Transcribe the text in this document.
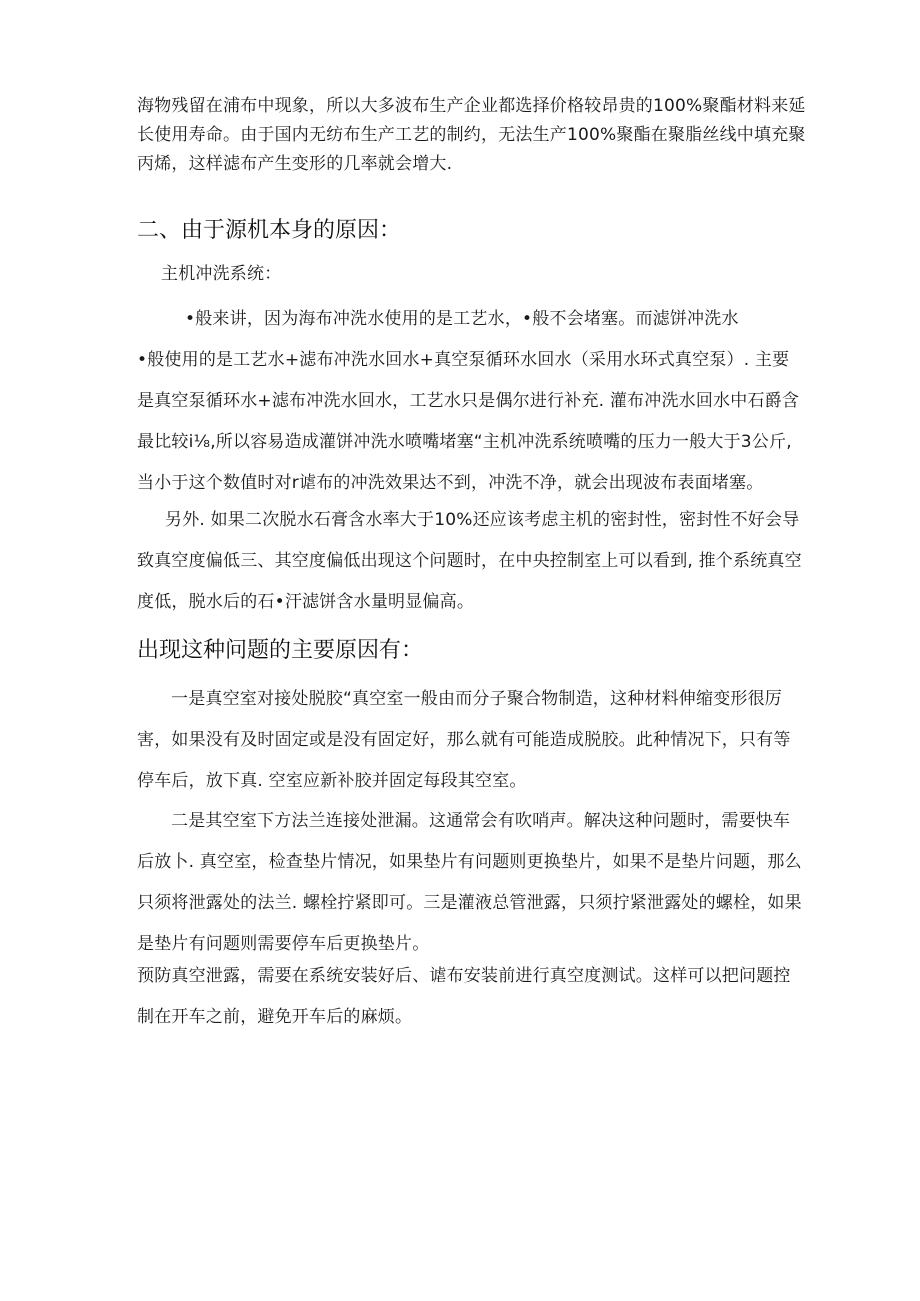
海物残留在浦布中现象，所以大多波布生产企业都选择价格较昂贵的100%聚酯材料来延
长使用寿命。由于国内无纺布生产工艺的制约，无法生产100%聚酯在聚脂丝线中填充聚
丙烯，这样滤布产生变形的几率就会增大.
二、由于源机本身的原因：
主机冲洗系统：
•般来讲，因为海布冲洗水使用的是工艺水，•般不会堵塞。而滤饼冲洗水
•般使用的是工艺水+滤布冲洗水回水+真空泵循环水回水（采用水环式真空泵）. 主要
是真空泵循环水+滤布冲洗水回水，工艺水只是偶尔进行补充. 灌布冲洗水回水中石爵含
最比较i⅛,所以容易造成灌饼冲洗水喷嘴堵塞“主机冲洗系统喷嘴的压力一般大于3公斤,
当小于这个数值时对r谑布的冲洗效果达不到，冲洗不净，就会出现波布表面堵塞。
另外. 如果二次脱水石膏含水率大于10%还应该考虑主机的密封性，密封性不好会导
致真空度偏低三、其空度偏低出现这个问题时，在中央控制室上可以看到, 推个系统真空
度低，脱水后的石•汗滤饼含水量明显偏高。
出现这种问题的主要原因有：
一是真空室对接处脱胶“真空室一般由而分子聚合物制造，这种材料伸缩变形很厉
害，如果没有及时固定或是没有固定好，那么就有可能造成脱胶。此种情况下，只有等
停车后，放下真. 空室应新补胶并固定每段其空室。
二是其空室下方法兰连接处泄漏。这通常会有吹哨声。解决这种问题时，需要快车
后放卜. 真空室，检查垫片情况，如果垫片有问题则更换垫片，如果不是垫片问题，那么
只须将泄露处的法兰. 螺栓拧紧即可。三是灌液总管泄露，只须拧紧泄露处的螺栓，如果
是垫片有问题则需要停车后更换垫片。
预防真空泄露，需要在系统安装好后、谑布安装前进行真空度测试。这样可以把问题控
制在开车之前，避免开车后的麻烦。
